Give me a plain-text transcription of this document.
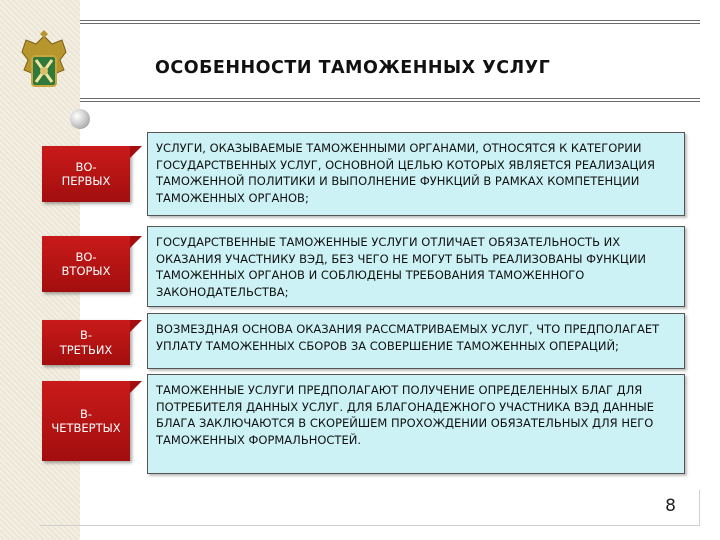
ОСОБЕННОСТИ ТАМОЖЕННЫХ УСЛУГ
ВО-
ПЕРВЫХ
УСЛУГИ, ОКАЗЫВАЕМЫЕ ТАМОЖЕННЫМИ ОРГАНАМИ, ОТНОСЯТСЯ К КАТЕГОРИИ ГОСУДАРСТВЕННЫХ УСЛУГ, ОСНОВНОЙ ЦЕЛЬЮ КОТОРЫХ ЯВЛЯЕТСЯ РЕАЛИЗАЦИЯ ТАМОЖЕННОЙ ПОЛИТИКИ И ВЫПОЛНЕНИЕ ФУНКЦИЙ В РАМКАХ КОМПЕТЕНЦИИ ТАМОЖЕННЫХ ОРГАНОВ;
ВО-
ВТОРЫХ
ГОСУДАРСТВЕННЫЕ ТАМОЖЕННЫЕ УСЛУГИ ОТЛИЧАЕТ ОБЯЗАТЕЛЬНОСТЬ ИХ ОКАЗАНИЯ УЧАСТНИКУ ВЭД, БЕЗ ЧЕГО НЕ МОГУТ БЫТЬ РЕАЛИЗОВАНЫ ФУНКЦИИ ТАМОЖЕННЫХ ОРГАНОВ И СОБЛЮДЕНЫ ТРЕБОВАНИЯ ТАМОЖЕННОГО ЗАКОНОДАТЕЛЬСТВА;
В-
ТРЕТЬИХ
ВОЗМЕЗДНАЯ ОСНОВА ОКАЗАНИЯ РАССМАТРИВАЕМЫХ УСЛУГ, ЧТО ПРЕДПОЛАГАЕТ УПЛАТУ ТАМОЖЕННЫХ СБОРОВ ЗА СОВЕРШЕНИЕ ТАМОЖЕННЫХ ОПЕРАЦИЙ;
В-
ЧЕТВЕРТЫХ
ТАМОЖЕННЫЕ УСЛУГИ ПРЕДПОЛАГАЮТ ПОЛУЧЕНИЕ ОПРЕДЕЛЕННЫХ БЛАГ ДЛЯ ПОТРЕБИТЕЛЯ ДАННЫХ УСЛУГ. ДЛЯ БЛАГОНАДЕЖНОГО УЧАСТНИКА ВЭД ДАННЫЕ БЛАГА ЗАКЛЮЧАЮТСЯ В СКОРЕЙШЕМ ПРОХОЖДЕНИИ ОБЯЗАТЕЛЬНЫХ ДЛЯ НЕГО ТАМОЖЕННЫХ ФОРМАЛЬНОСТЕЙ.
8
